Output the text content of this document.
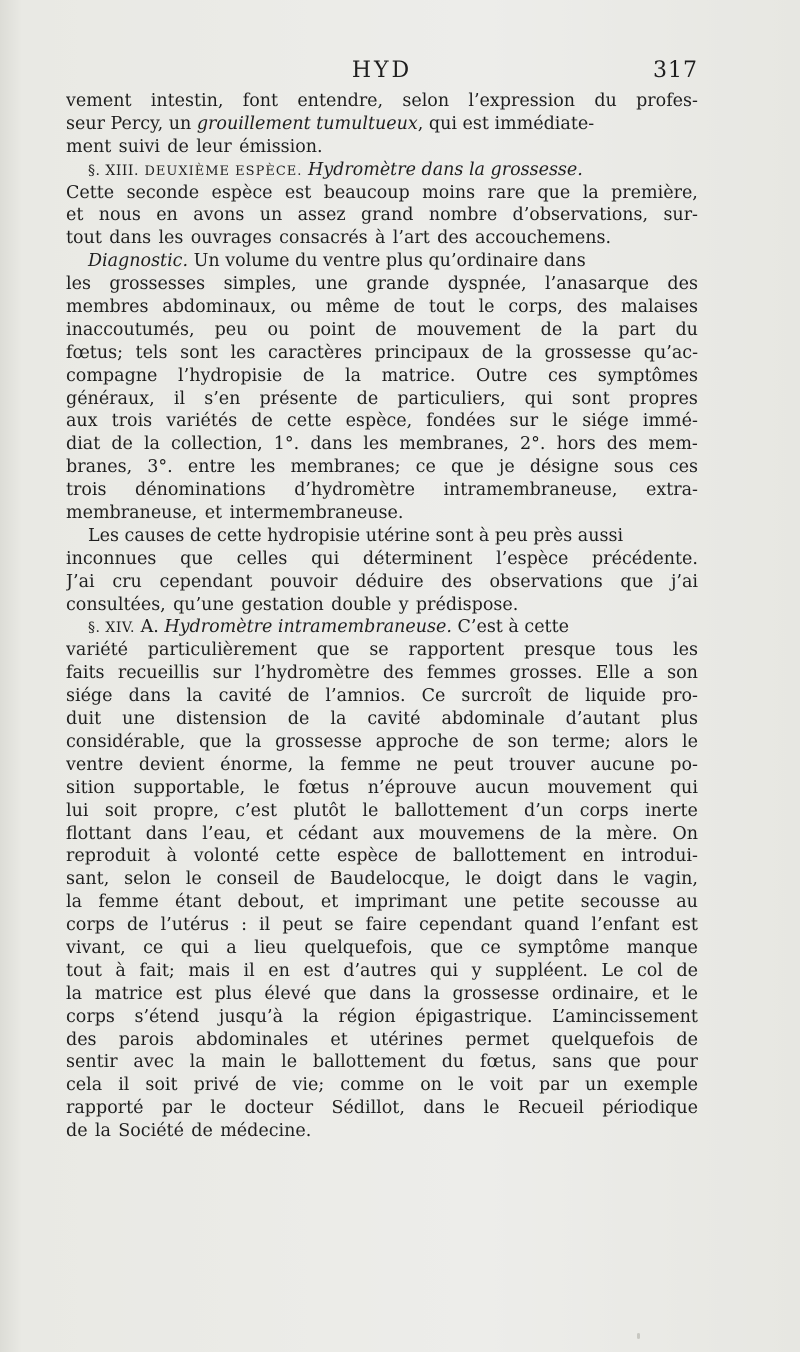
HYD	317
vement intestin, font entendre, selon l’expression du profes-
seur Percy, un grouillement tumultueux, qui est immédiate-
ment suivi de leur émission.
§. XIII.
DEUXIÈME ESPÈCE.
Hydromètre dans la grossesse.
Cette seconde espèce est beaucoup moins rare que la première,
et nous en avons un assez grand nombre d’observations, sur-
tout dans les ouvrages consacrés à l’art des accouchemens.
Diagnostic. Un volume du ventre plus qu’ordinaire dans
les grossesses simples, une grande dyspnée, l’anasarque des
membres abdominaux, ou même de tout le corps, des malaises
inaccoutumés, peu ou point de mouvement de la part du
fœtus; tels sont les caractères principaux de la grossesse qu’ac-
compagne l’hydropisie de la matrice. Outre ces symptômes
généraux, il s’en présente de particuliers, qui sont propres
aux trois variétés de cette espèce, fondées sur le siége immé-
diat de la collection, 1°. dans les membranes, 2°. hors des mem-
branes, 3°. entre les membranes; ce que je désigne sous ces
trois dénominations d’hydromètre intramembraneuse, extra-
membraneuse, et intermembraneuse.
Les causes de cette hydropisie utérine sont à peu près aussi
inconnues que celles qui déterminent l’espèce précédente.
J’ai cru cependant pouvoir déduire des observations que j’ai
consultées, qu’une gestation double y prédispose.
§. XIV.
A.
Hydromètre intramembraneuse.
C’est à cette
variété particulièrement que se rapportent presque tous les
faits recueillis sur l’hydromètre des femmes grosses. Elle a son
siége dans la cavité de l’amnios. Ce surcroît de liquide pro-
duit une distension de la cavité abdominale d’autant plus
considérable, que la grossesse approche de son terme; alors le
ventre devient énorme, la femme ne peut trouver aucune po-
sition supportable, le fœtus n’éprouve aucun mouvement qui
lui soit propre, c’est plutôt le ballottement d’un corps inerte
flottant dans l’eau, et cédant aux mouvemens de la mère. On
reproduit à volonté cette espèce de ballottement en introdui-
sant, selon le conseil de Baudelocque, le doigt dans le vagin,
la femme étant debout, et imprimant une petite secousse au
corps de l’utérus : il peut se faire cependant quand l’enfant est
vivant, ce qui a lieu quelquefois, que ce symptôme manque
tout à fait; mais il en est d’autres qui y suppléent. Le col de
la matrice est plus élevé que dans la grossesse ordinaire, et le
corps s’étend jusqu’à la région épigastrique. L’amincissement
des parois abdominales et utérines permet quelquefois de
sentir avec la main le ballottement du fœtus, sans que pour
cela il soit privé de vie; comme on le voit par un exemple
rapporté par le docteur Sédillot, dans le Recueil périodique
de la Société de médecine.
